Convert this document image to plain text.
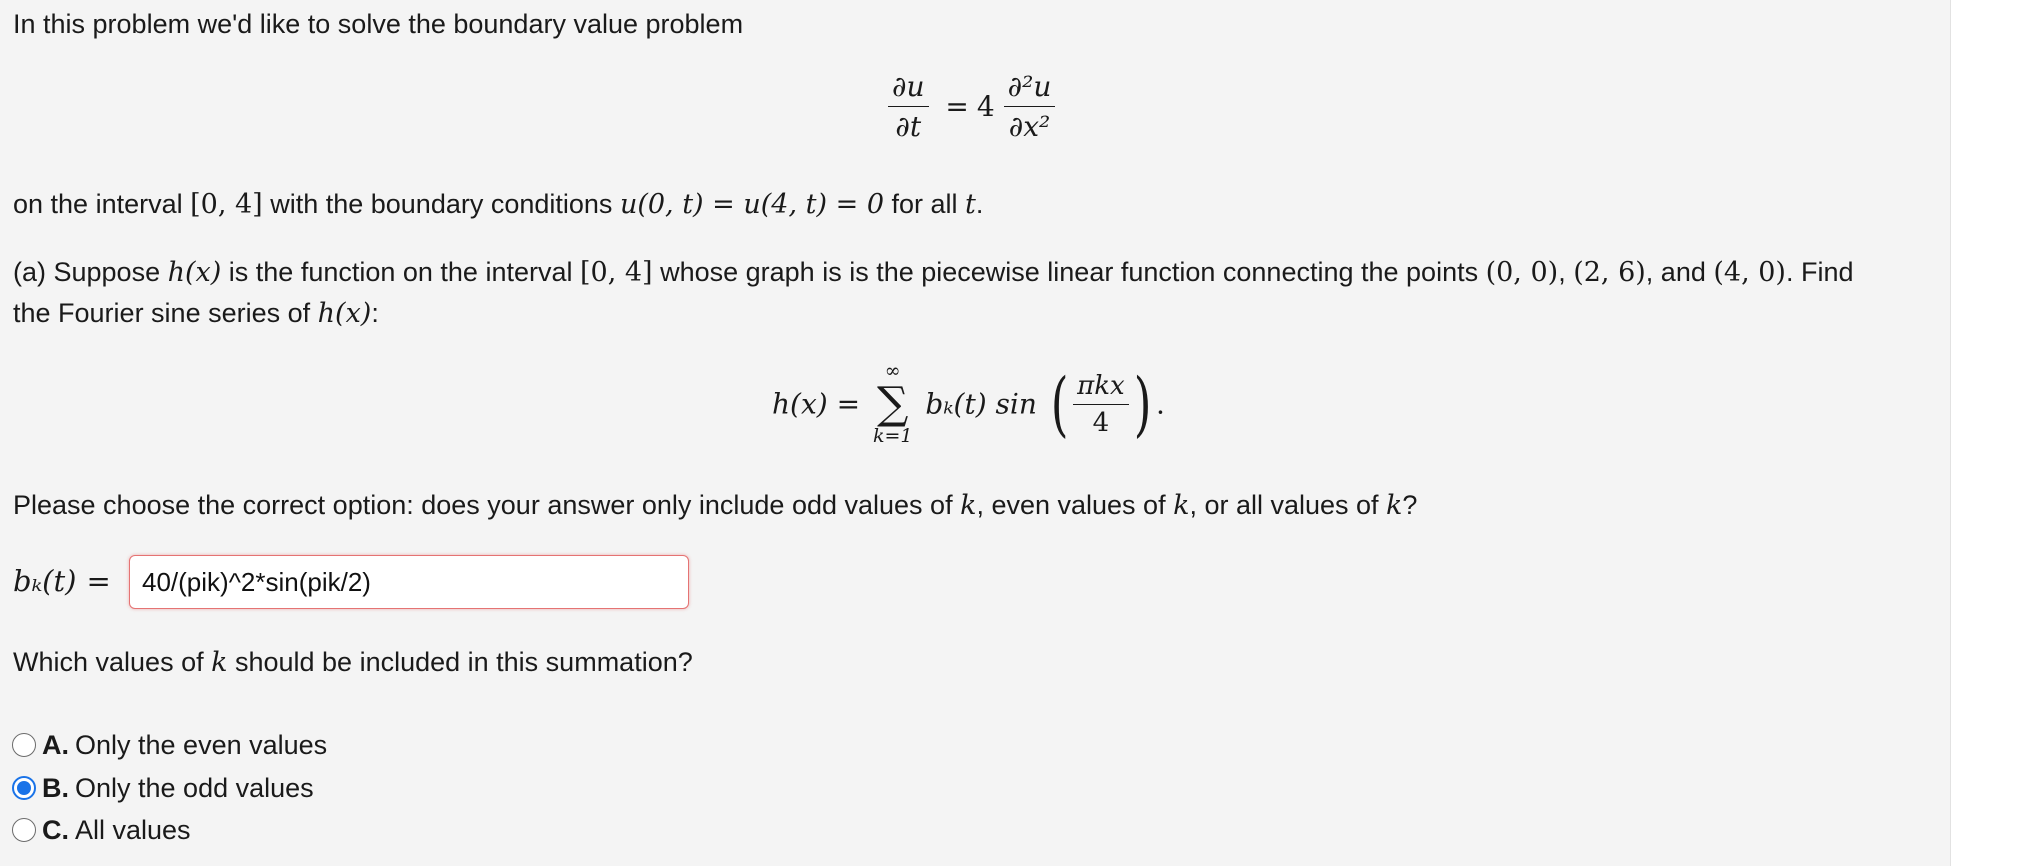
In this problem we'd like to solve the boundary value problem
$\frac{\partial u}{\partial t} = 4 \frac{\text{∂²u}}{\text{∂x²}}$
on the interval [0, 4] with the boundary conditions u(0, t) = u(4, t) = 0 for all t.
(a) Suppose h(x) is the function on the interval [0, 4] whose graph is is the piecewise linear function connecting the points (0, 0), (2, 6), and (4, 0). Find
the Fourier sine series of h(x):
h(x) =
∞
∑
k=1
bₖ(t) sin ( $\frac{\text{πkx}}{4}$ ) .
Please choose the correct option: does your answer only include odd values of k, even values of k, or all values of k?
bₖ(t) =
40/(pik)^2*sin(pik/2)
Which values of k should be included in this summation?
A. Only the even values
B. Only the odd values
C. All values
